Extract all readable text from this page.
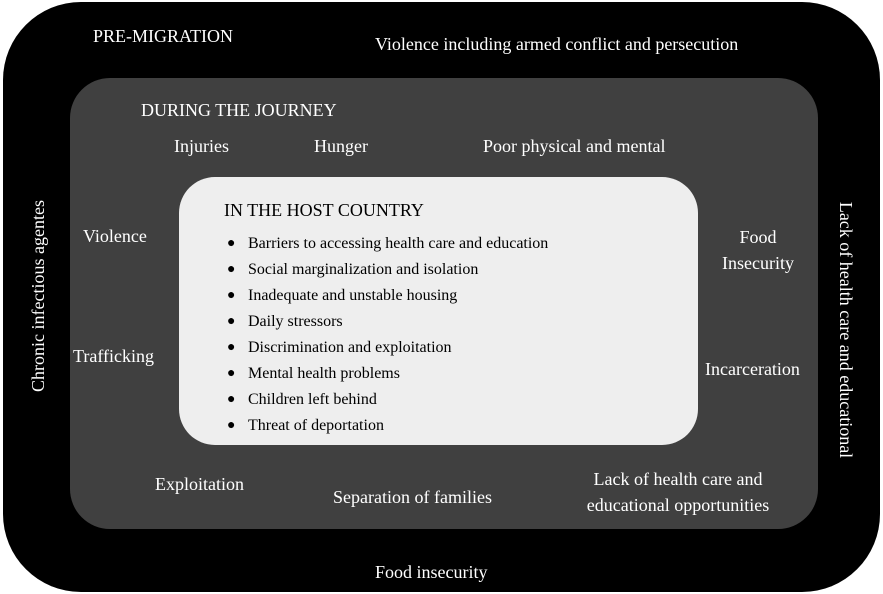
PRE-MIGRATION	Violence including armed conflict and persecution
Chronic infectious agentes	Lack of health care and educational
Food insecurity
DURING THE JOURNEY
Injuries	Hunger	Poor physical and mental
Violence
Trafficking
Food
Insecurity
Incarceration
Exploitation
Separation of families
Lack of health care and
educational opportunities
IN THE HOST COUNTRY
● Barriers to accessing health care and education
● Social marginalization and isolation
● Inadequate and unstable housing
● Daily stressors
● Discrimination and exploitation
● Mental health problems
● Children left behind
● Threat of deportation
